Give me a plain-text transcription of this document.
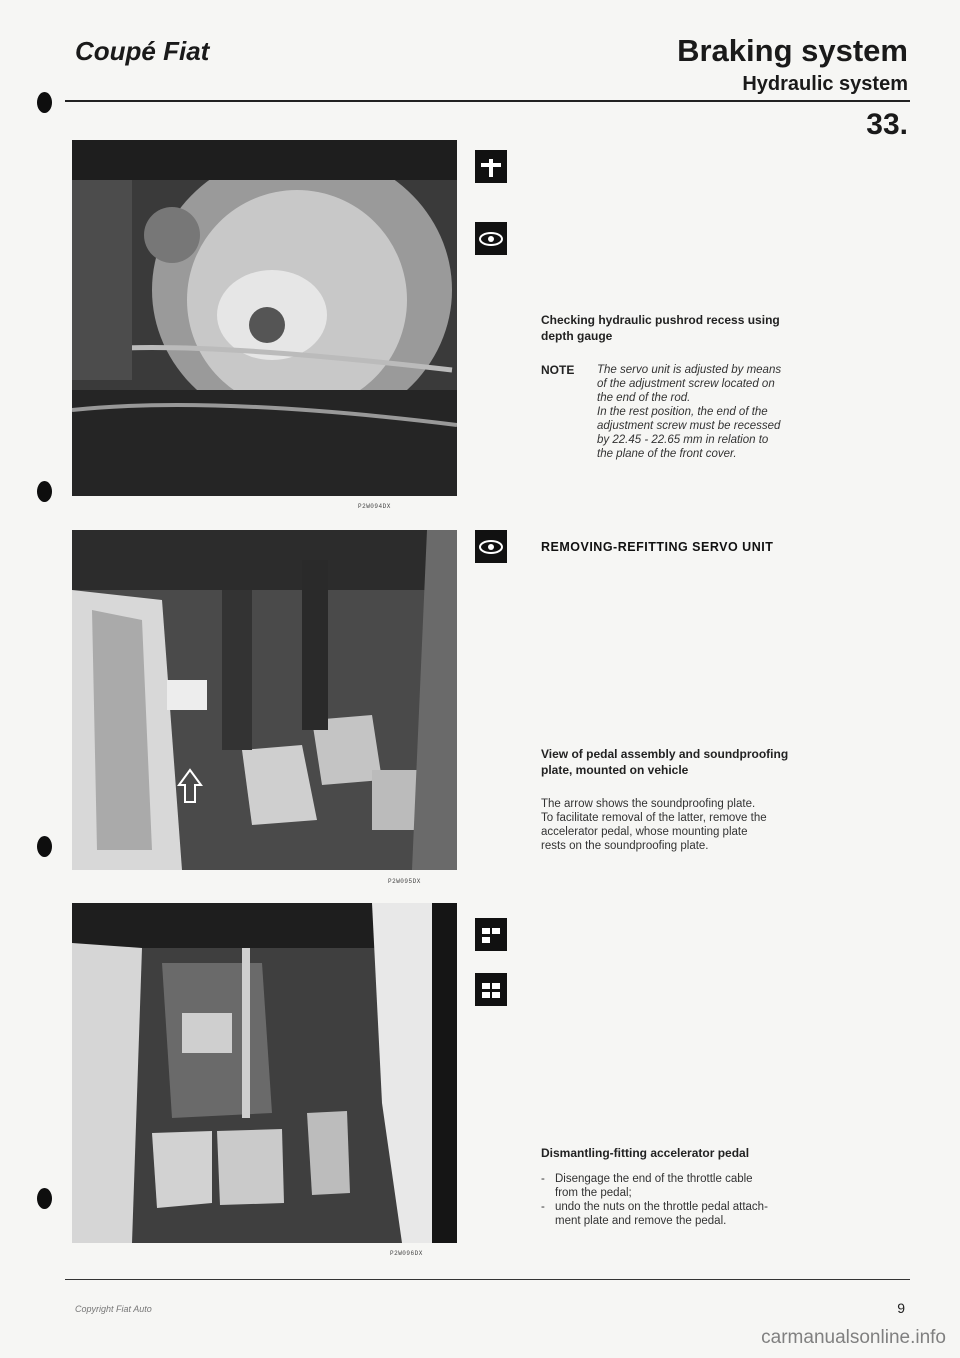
Coupé Fiat	Braking system
Hydraulic system
33.
P2W094DX
Checking hydraulic pushrod recess using
depth gauge
NOTE The servo unit is adjusted by means
of the adjustment screw located on
the end of the rod.
In the rest position, the end of the
adjustment screw must be recessed
by 22.45 - 22.65 mm in relation to
the plane of the front cover.
P2W095DX
REMOVING-REFITTING SERVO UNIT
View of pedal assembly and soundproofing
plate, mounted on vehicle
The arrow shows the soundproofing plate.
To facilitate removal of the latter, remove the
accelerator pedal, whose mounting plate
rests on the soundproofing plate.
P2W096DX
Dismantling-fitting accelerator pedal
- Disengage the end of the throttle cable
from the pedal;
- undo the nuts on the throttle pedal attach-
ment plate and remove the pedal.
Copyright Fiat Auto	9
carmanualsonline.info
